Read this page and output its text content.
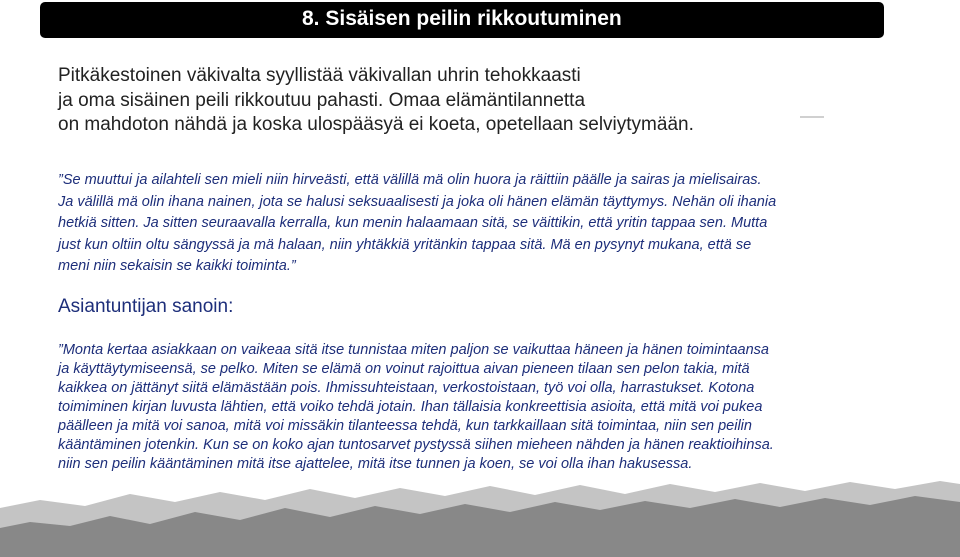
8. Sisäisen peilin rikkoutuminen

Pitkäkestoinen väkivalta syyllistää väkivallan uhrin tehokkaasti
ja oma sisäinen peili rikkoutuu pahasti. Omaa elämäntilannetta
on mahdoton nähdä ja koska ulospääsyä ei koeta, opetellaan selviytymään.

”Se muuttui ja ailahteli sen mieli niin hirveästi, että välillä mä olin huora ja räittiin päälle ja sairas ja mielisairas.
Ja välillä mä olin ihana nainen, jota se halusi seksuaalisesti ja joka oli hänen elämän täyttymys. Nehän oli ihania
hetkiä sitten. Ja sitten seuraavalla kerralla, kun menin halaamaan sitä, se väittikin, että yritin tappaa sen. Mutta
just kun oltiin oltu sängyssä ja mä halaan, niin yhtäkkiä yritänkin tappaa sitä. Mä en pysynyt mukana, että se
meni niin sekaisin se kaikki toiminta.”

Asiantuntijan sanoin:

”Monta kertaa asiakkaan on vaikeaa sitä itse tunnistaa miten paljon se vaikuttaa häneen ja hänen toimintaansa
ja käyttäytymiseensä, se pelko. Miten se elämä on voinut rajoittua aivan pieneen tilaan sen pelon takia, mitä
kaikkea on jättänyt siitä elämästään pois. Ihmissuhteistaan, verkostoistaan, työ voi olla, harrastukset. Kotona
toimiminen kirjan luvusta lähtien, että voiko tehdä jotain. Ihan tällaisia konkreettisia asioita, että mitä voi pukea
päälleen ja mitä voi sanoa, mitä voi missäkin tilanteessa tehdä, kun tarkkaillaan sitä toimintaa, niin sen peilin
kääntäminen jotenkin. Kun se on koko ajan tuntosarvet pystyssä siihen mieheen nähden ja hänen reaktioihinsa.
niin sen peilin kääntäminen mitä itse ajattelee, mitä itse tunnen ja koen, se voi olla ihan hakusessa.
